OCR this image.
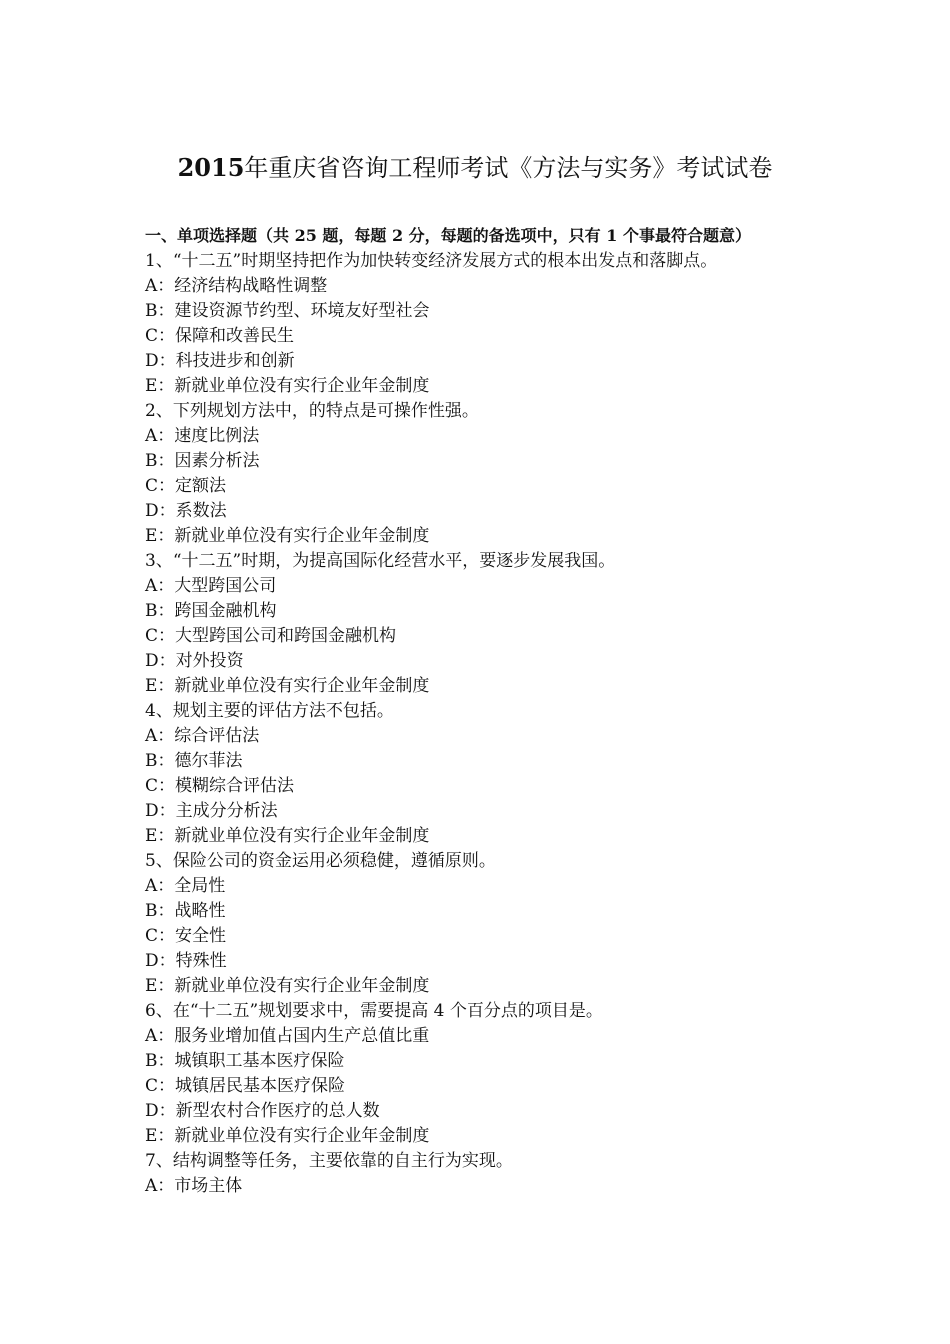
2015年重庆省咨询工程师考试《方法与实务》考试试卷

一、单项选择题（共 25 题，每题 2 分，每题的备选项中，只有 1 个事最符合题意）

1、“十二五”时期坚持把作为加快转变经济发展方式的根本出发点和落脚点。

A：经济结构战略性调整

B：建设资源节约型、环境友好型社会

C：保障和改善民生

D：科技进步和创新

E：新就业单位没有实行企业年金制度

2、下列规划方法中，的特点是可操作性强。

A：速度比例法

B：因素分析法

C：定额法

D：系数法

E：新就业单位没有实行企业年金制度

3、“十二五”时期，为提高国际化经营水平，要逐步发展我国。

A：大型跨国公司

B：跨国金融机构

C：大型跨国公司和跨国金融机构

D：对外投资

E：新就业单位没有实行企业年金制度

4、规划主要的评估方法不包括。

A：综合评估法

B：德尔菲法

C：模糊综合评估法

D：主成分分析法

E：新就业单位没有实行企业年金制度

5、保险公司的资金运用必须稳健，遵循原则。

A：全局性

B：战略性

C：安全性

D：特殊性

E：新就业单位没有实行企业年金制度

6、在“十二五”规划要求中，需要提高 4 个百分点的项目是。

A：服务业增加值占国内生产总值比重

B：城镇职工基本医疗保险

C：城镇居民基本医疗保险

D：新型农村合作医疗的总人数

E：新就业单位没有实行企业年金制度

7、结构调整等任务，主要依靠的自主行为实现。

A：市场主体
